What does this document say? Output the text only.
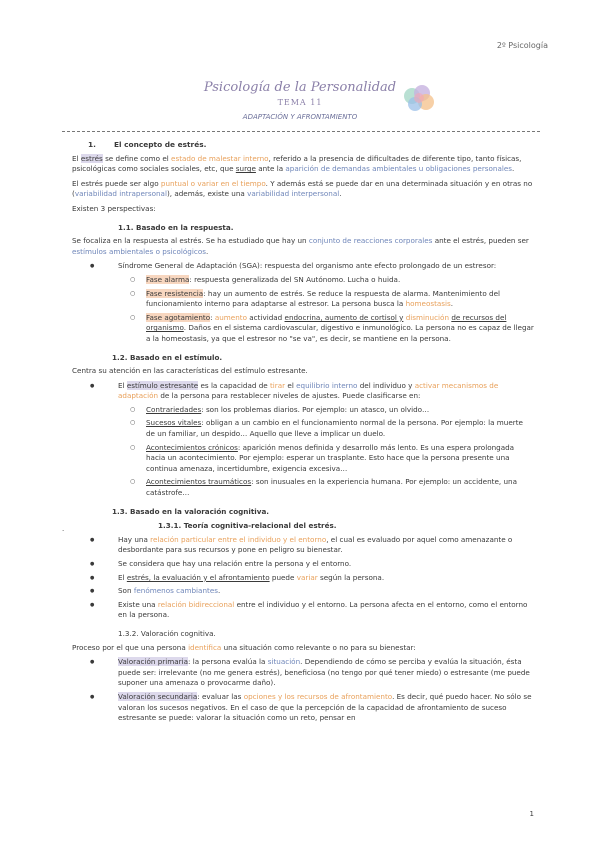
2º Psicología
Psicología de la Personalidad
TEMA 11
ADAPTACIÓN Y AFRONTAMIENTO
1. El concepto de estrés.

El estrés se define como el estado de malestar interno, referido a la presencia de dificultades de diferente tipo, tanto físicas, psicológicas como sociales sociales, etc, que surge ante la aparición de demandas ambientales u obligaciones personales.

El estrés puede ser algo puntual o variar en el tiempo. Y además está se puede dar en una determinada situación y en otras no (variabilidad intrapersonal), además, existe una variabilidad interpersonal.

Existen 3 perspectivas:

1.1. Basado en la respuesta.

Se focaliza en la respuesta al estrés. Se ha estudiado que hay un conjunto de reacciones corporales ante el estrés, pueden ser estímulos ambientales o psicológicos.

● Síndrome General de Adaptación (SGA): respuesta del organismo ante efecto prolongado de un estresor:
○ Fase alarma: respuesta generalizada del SN Autónomo. Lucha o huida.
○ Fase resistencia: hay un aumento de estrés. Se reduce la respuesta de alarma. Mantenimiento del funcionamiento interno para adaptarse al estresor. La persona busca la homeostasis.
○ Fase agotamiento: aumento actividad endocrina, aumento de cortisol y disminución de recursos del organismo. Daños en el sistema cardiovascular, digestivo e inmunológico. La persona no es capaz de llegar a la homeostasis, ya que el estresor no "se va", es decir, se mantiene en la persona.
1.2. Basado en el estímulo.

Centra su atención en las características del estímulo estresante.

● El estímulo estresante es la capacidad de tirar el equilibrio interno del individuo y activar mecanismos de adaptación de la persona para restablecer niveles de ajustes. Puede clasificarse en:
○ Contrariedades: son los problemas diarios. Por ejemplo: un atasco, un olvido…
○ Sucesos vitales: obligan a un cambio en el funcionamiento normal de la persona. Por ejemplo: la muerte de un familiar, un despido… Aquello que lleve a implicar un duelo.
○ Acontecimientos crónicos: aparición menos definida y desarrollo más lento. Es una espera prolongada hacia un acontecimiento. Por ejemplo: esperar un trasplante. Esto hace que la persona presente una continua amenaza, incertidumbre, exigencia excesiva…
○ Acontecimientos traumáticos: son inusuales en la experiencia humana. Por ejemplo: un accidente, una catástrofe…
1.3. Basado en la valoración cognitiva.
1.3.1. Teoría cognitiva-relacional del estrés.
● Hay una relación particular entre el individuo y el entorno, el cual es evaluado por aquel como amenazante o desbordante para sus recursos y pone en peligro su bienestar.
● Se considera que hay una relación entre la persona y el entorno.
● El estrés, la evaluación y el afrontamiento puede variar según la persona.
● Son fenómenos cambiantes.
● Existe una relación bidireccional entre el individuo y el entorno. La persona afecta en el entorno, como el entorno en la persona.
1.3.2. Valoración cognitiva.

Proceso por el que una persona identifica una situación como relevante o no para su bienestar:

● Valoración primaria: la persona evalúa la situación. Dependiendo de cómo se perciba y evalúa la situación, ésta puede ser: irrelevante (no me genera estrés), beneficiosa (no tengo por qué tener miedo) o estresante (me puede suponer una amenaza o provocarme daño).
● Valoración secundaria: evaluar las opciones y los recursos de afrontamiento. Es decir, qué puedo hacer. No sólo se valoran los sucesos negativos. En el caso de que la percepción de la capacidad de afrontamiento de suceso estresante se puede: valorar la situación como un reto, pensar en
.
1
